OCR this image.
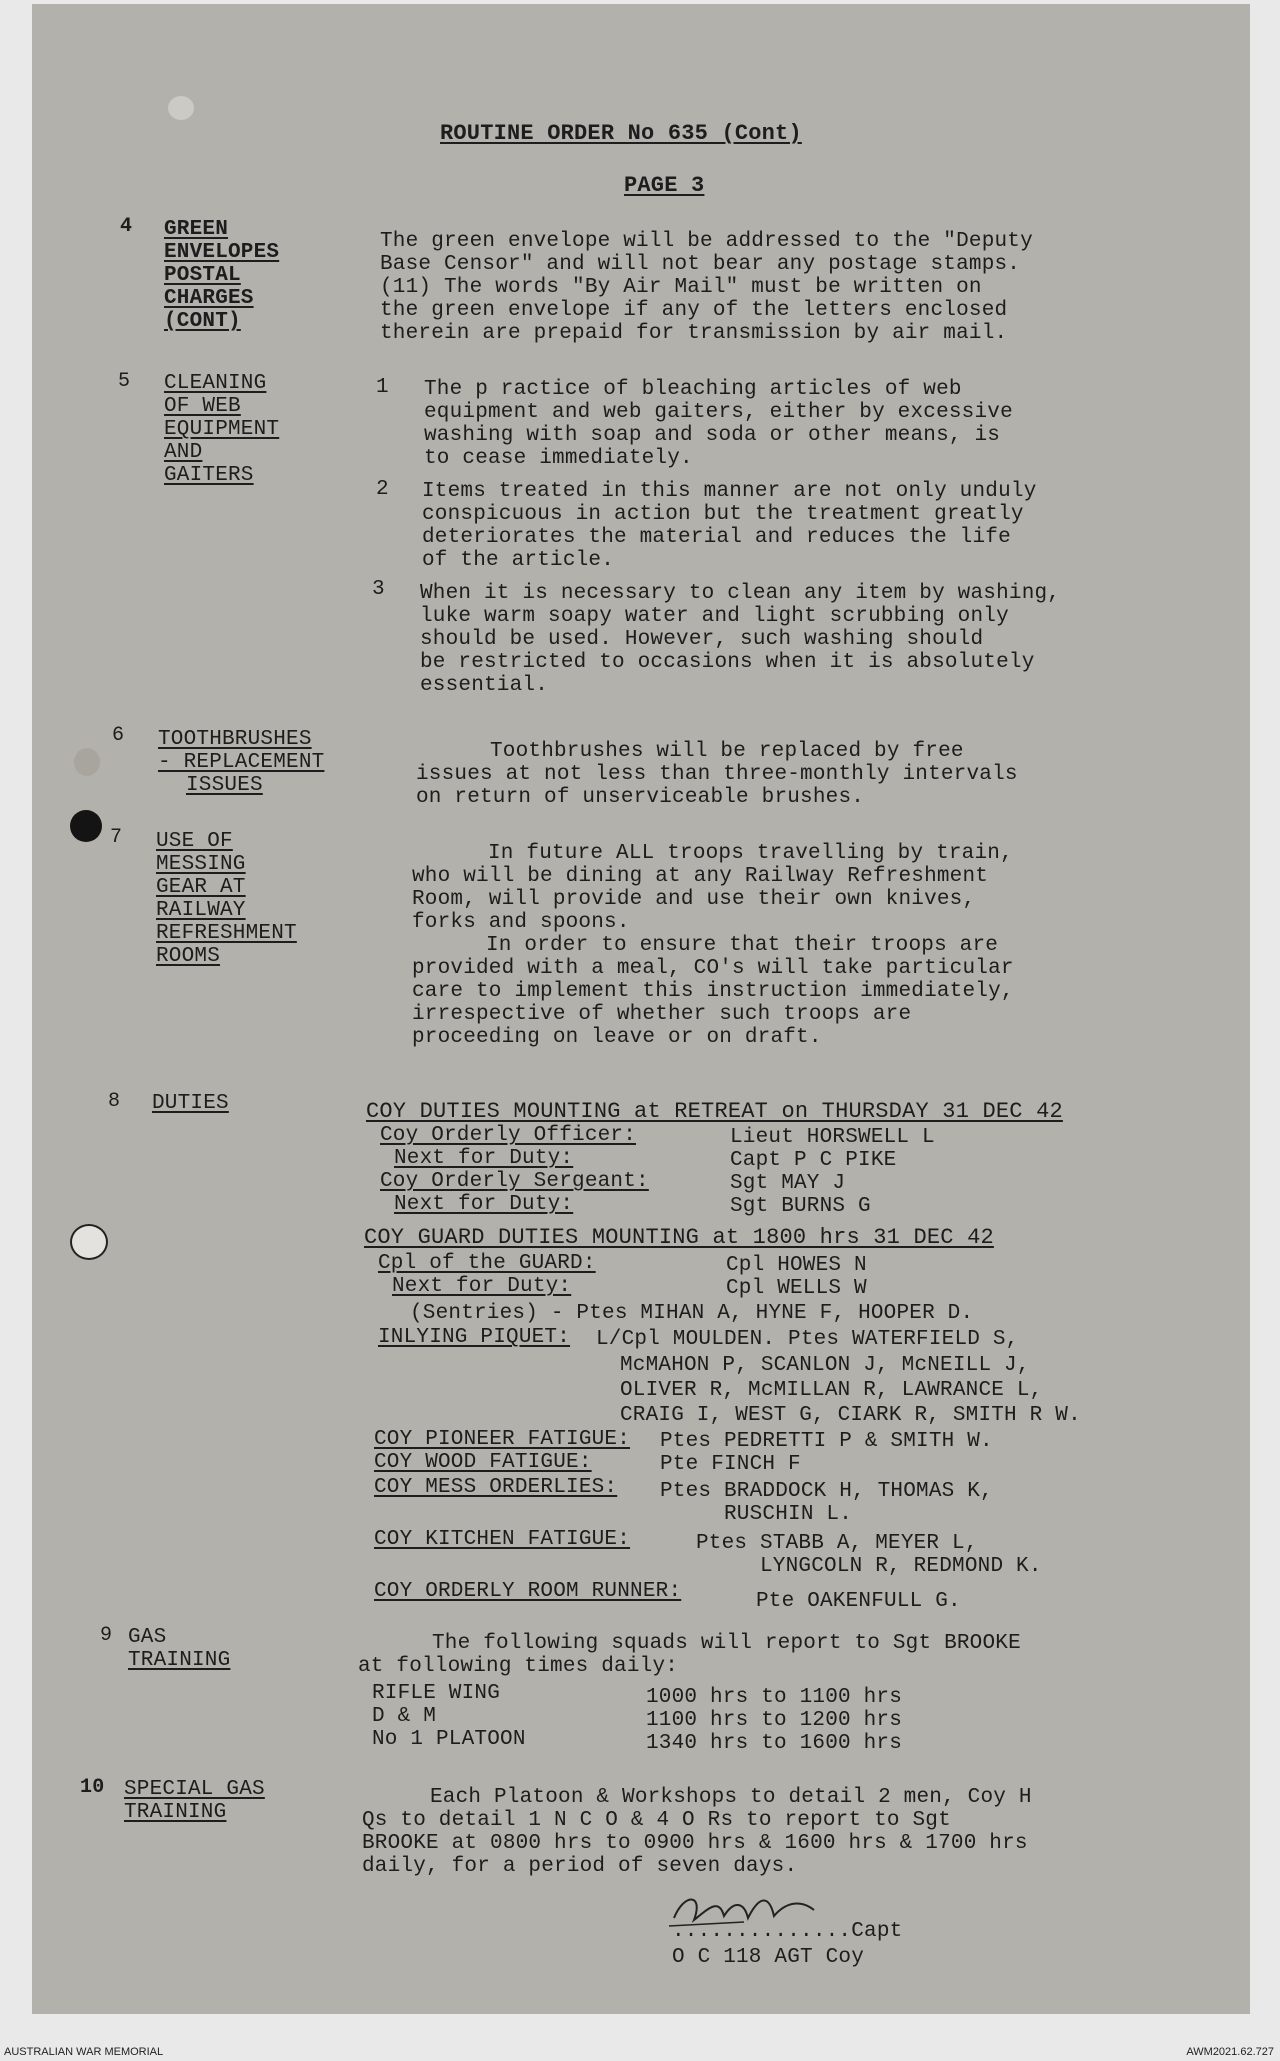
ROUTINE ORDER No 635 (Cont)
PAGE 3
4 GREEN
ENVELOPES
POSTAL
CHARGES
(CONT)
The green envelope will be addressed to the "Deputy
Base Censor" and will not bear any postage stamps.
(11) The words "By Air Mail" must be written on
the green envelope if any of the letters enclosed
therein are prepaid for transmission by air mail.
5 CLEANING
OF WEB
EQUIPMENT
AND
GAITERS
1 The p ractice of bleaching articles of web
equipment and web gaiters, either by excessive
washing with soap and soda or other means, is
to cease immediately.
2 Items treated in this manner are not only unduly
conspicuous in action but the treatment greatly
deteriorates the material and reduces the life
of the article.
3 When it is necessary to clean any item by washing,
luke warm soapy water and light scrubbing only
should be used. However, such washing should
be restricted to occasions when it is absolutely
essential.
6 TOOTHBRUSHES
- REPLACEMENT
ISSUES
Toothbrushes will be replaced by free
issues at not less than three-monthly intervals
on return of unserviceable brushes.
7 USE OF
MESSING
GEAR AT
RAILWAY
REFRESHMENT
ROOMS
In future ALL troops travelling by train,
who will be dining at any Railway Refreshment
Room, will provide and use their own knives,
forks and spoons.
In order to ensure that their troops are
provided with a meal, CO's will take particular
care to implement this instruction immediately,
irrespective of whether such troops are
proceeding on leave or on draft.
8 DUTIES	COY DUTIES MOUNTING at RETREAT on THURSDAY 31 DEC 42
Coy Orderly Officer:
Next for Duty:
Coy Orderly Sergeant:
Next for Duty:
Lieut HORSWELL L
Capt P C PIKE
Sgt MAY J
Sgt BURNS G
COY GUARD DUTIES MOUNTING at 1800 hrs 31 DEC 42
Cpl of the GUARD:
Next for Duty:
Cpl HOWES N
Cpl WELLS W
(Sentries) - Ptes MIHAN A, HYNE F, HOOPER D.
INLYING PIQUET: L/Cpl MOULDEN. Ptes WATERFIELD S,
McMAHON P, SCANLON J, McNEILL J,
OLIVER R, McMILLAN R, LAWRANCE L,
CRAIG I, WEST G, CIARK R, SMITH R W.
COY PIONEER FATIGUE:
COY WOOD FATIGUE:
COY MESS ORDERLIES:
COY KITCHEN FATIGUE:
COY ORDERLY ROOM RUNNER:
Ptes PEDRETTI P & SMITH W.
Pte FINCH F
Ptes BRADDOCK H, THOMAS K,
RUSCHIN L.
Ptes STABB A, MEYER L,
LYNGCOLN R, REDMOND K.
Pte OAKENFULL G.
9 GAS
TRAINING
The following squads will report to Sgt BROOKE
at following times daily:
RIFLE WING
D & M
No 1 PLATOON
1000 hrs to 1100 hrs
1100 hrs to 1200 hrs
1340 hrs to 1600 hrs
10 SPECIAL GAS
TRAINING
Each Platoon & Workshops to detail 2 men, Coy H
Qs to detail 1 N C O & 4 O Rs to report to Sgt
BROOKE at 0800 hrs to 0900 hrs & 1600 hrs & 1700 hrs
daily, for a period of seven days.
..............Capt
O C 118 AGT Coy
AUSTRALIAN WAR MEMORIAL	AWM2021.62.727
